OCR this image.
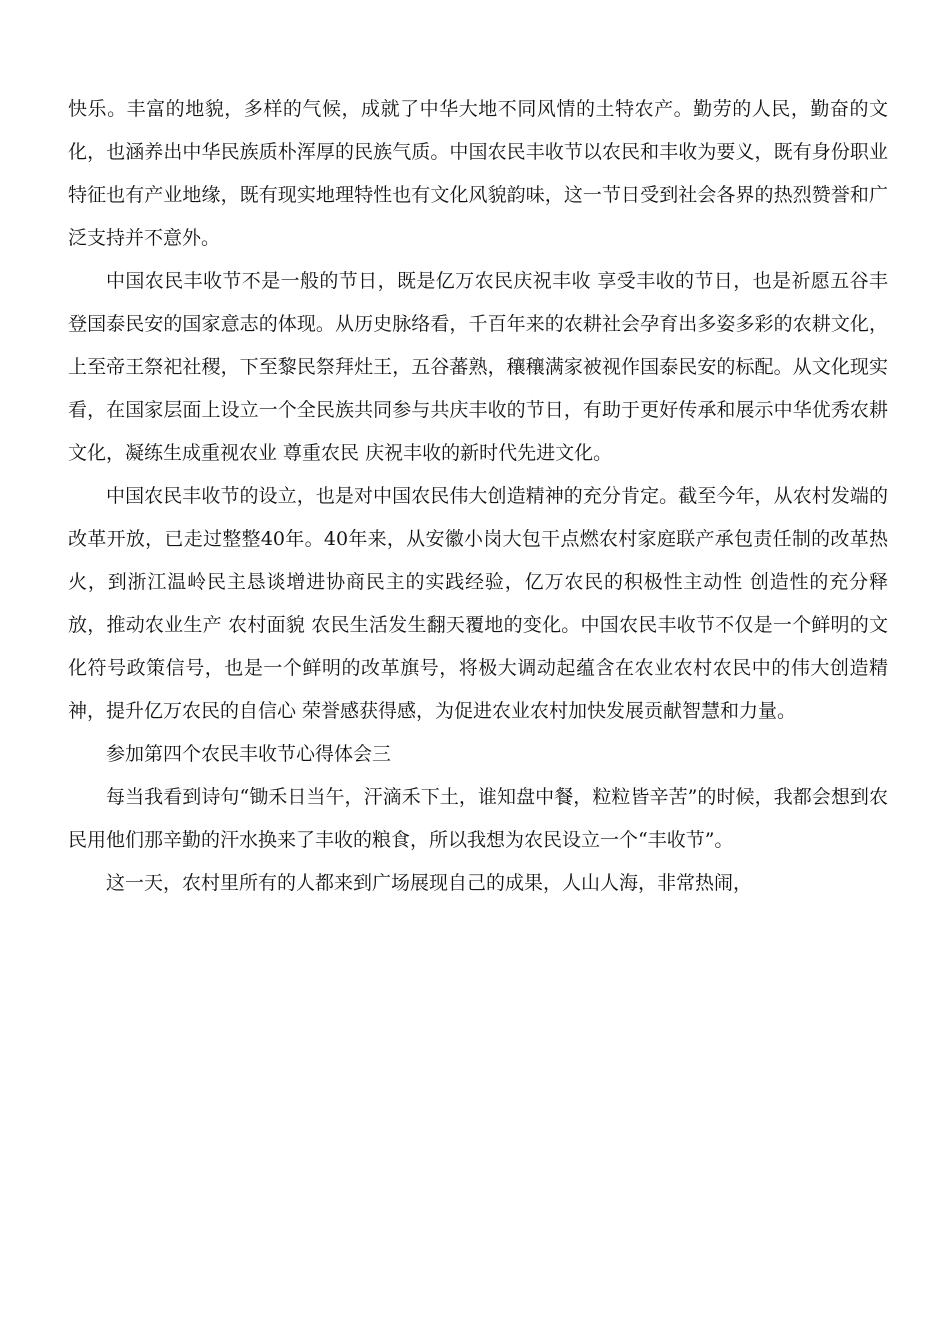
快乐。丰富的地貌，多样的气候，成就了中华大地不同风情的土特农产。勤劳的人民，勤奋的文化，也涵养出中华民族质朴浑厚的民族气质。中国农民丰收节以农民和丰收为要义，既有身份职业特征也有产业地缘，既有现实地理特性也有文化风貌韵味，这一节日受到社会各界的热烈赞誉和广泛支持并不意外。

中国农民丰收节不是一般的节日，既是亿万农民庆祝丰收 享受丰收的节日，也是祈愿五谷丰登国泰民安的国家意志的体现。从历史脉络看，千百年来的农耕社会孕育出多姿多彩的农耕文化，上至帝王祭祀社稷，下至黎民祭拜灶王，五谷蕃熟，穰穰满家被视作国泰民安的标配。从文化现实看，在国家层面上设立一个全民族共同参与共庆丰收的节日，有助于更好传承和展示中华优秀农耕文化，凝练生成重视农业 尊重农民 庆祝丰收的新时代先进文化。

中国农民丰收节的设立，也是对中国农民伟大创造精神的充分肯定。截至今年，从农村发端的改革开放，已走过整整40年。40年来，从安徽小岗大包干点燃农村家庭联产承包责任制的改革热火，到浙江温岭民主恳谈增进协商民主的实践经验，亿万农民的积极性主动性 创造性的充分释放，推动农业生产 农村面貌 农民生活发生翻天覆地的变化。中国农民丰收节不仅是一个鲜明的文化符号政策信号，也是一个鲜明的改革旗号，将极大调动起蕴含在农业农村农民中的伟大创造精神，提升亿万农民的自信心 荣誉感获得感，为促进农业农村加快发展贡献智慧和力量。

参加第四个农民丰收节心得体会三

每当我看到诗句“锄禾日当午，汗滴禾下土，谁知盘中餐，粒粒皆辛苦”的时候，我都会想到农民用他们那辛勤的汗水换来了丰收的粮食，所以我想为农民设立一个“丰收节”。

这一天，农村里所有的人都来到广场展现自己的成果，人山人海，非常热闹，
